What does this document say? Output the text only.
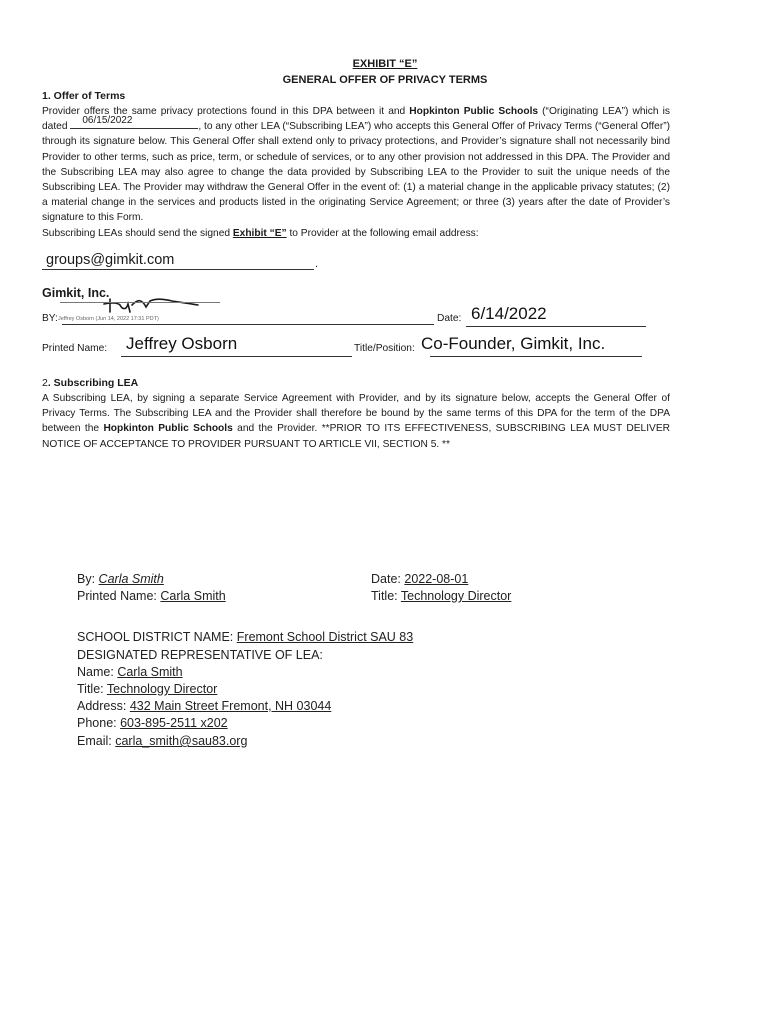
EXHIBIT “E”
GENERAL OFFER OF PRIVACY TERMS
1. Offer of Terms
Provider offers the same privacy protections found in this DPA between it and Hopkinton Public Schools (“Originating LEA”) which is dated
06/15/2022
, to any other LEA (“Subscribing LEA”) who accepts this General Offer of Privacy Terms (“General Offer”) through its signature below. This General Offer shall extend only to privacy protections, and Provider’s signature shall not necessarily bind Provider to other terms, such as price, term, or schedule of services, or to any other provision not addressed in this DPA. The Provider and the Subscribing LEA may also agree to change the data provided by Subscribing LEA to the Provider to suit the unique needs of the Subscribing LEA. The Provider may withdraw the General Offer in the event of: (1) a material change in the applicable privacy statutes; (2) a material change in the services and products listed in the originating Service Agreement; or three (3) years after the date of Provider’s signature to this Form.
Subscribing LEAs should send the signed Exhibit “E” to Provider at the following email address:
groups@gimkit.com	.
Gimkit, Inc.
BY: Jeffrey Osborn (Jun 14, 2022 17:31 PDT)	Date: 6/14/2022
Printed Name: Jeffrey Osborn	Title/Position: Co-Founder, Gimkit, Inc.
2. Subscribing LEA
A Subscribing LEA, by signing a separate Service Agreement with Provider, and by its signature below, accepts the General Offer of Privacy Terms. The Subscribing LEA and the Provider shall therefore be bound by the same terms of this DPA for the term of the DPA between the Hopkinton Public Schools and the Provider. **PRIOR TO ITS EFFECTIVENESS, SUBSCRIBING LEA MUST DELIVER NOTICE OF ACCEPTANCE TO PROVIDER PURSUANT TO ARTICLE VII, SECTION 5. **
By: Carla Smith	Date: 2022-08-01
Printed Name: Carla Smith	Title: Technology Director
SCHOOL DISTRICT NAME: Fremont School District SAU 83
DESIGNATED REPRESENTATIVE OF LEA:
Name: Carla Smith
Title: Technology Director
Address: 432 Main Street Fremont, NH 03044
Phone: 603-895-2511 x202
Email: carla_smith@sau83.org
